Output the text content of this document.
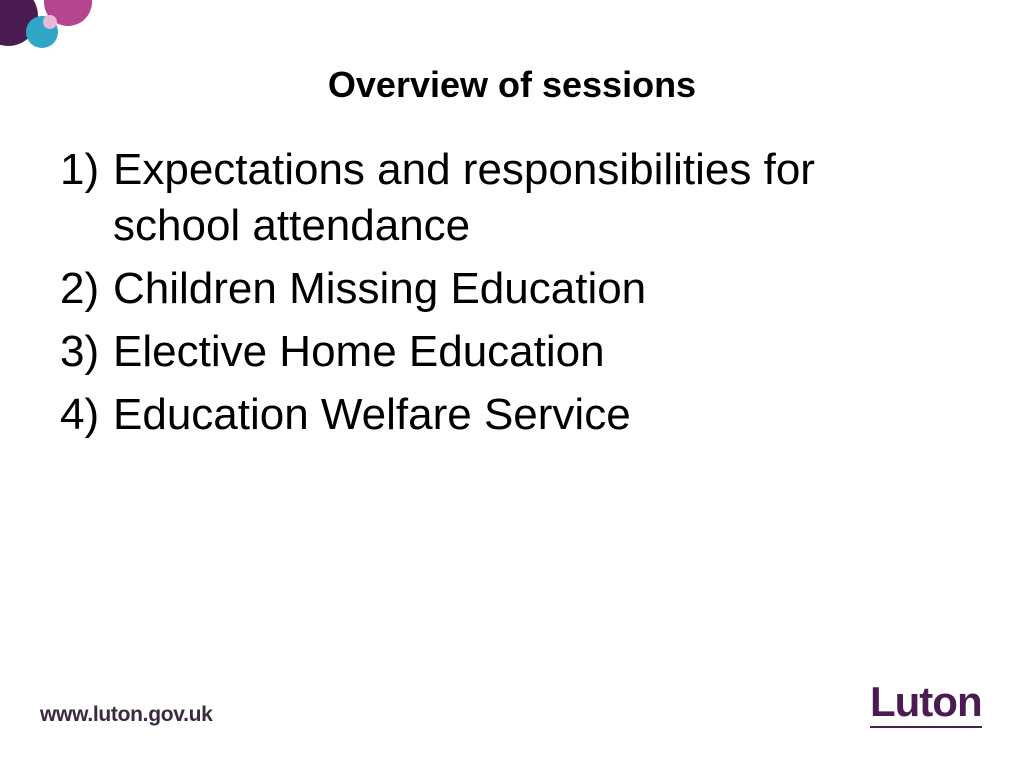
Overview of sessions
1) Expectations and responsibilities for school attendance
2) Children Missing Education
3) Elective Home Education
4) Education Welfare Service
www.luton.gov.uk	Luton
